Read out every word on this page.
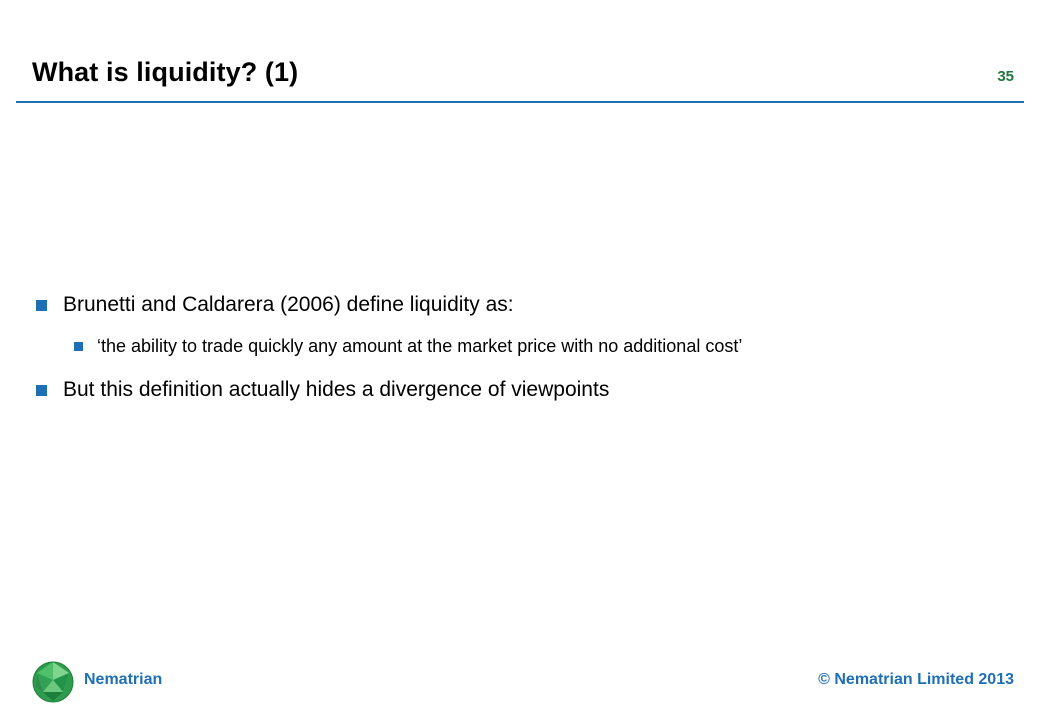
What is liquidity? (1)	35
Brunetti and Caldarera (2006) define liquidity as:
‘the ability to trade quickly any amount at the market price with no additional cost’
But this definition actually hides a divergence of viewpoints
Nematrian	© Nematrian Limited 2013
